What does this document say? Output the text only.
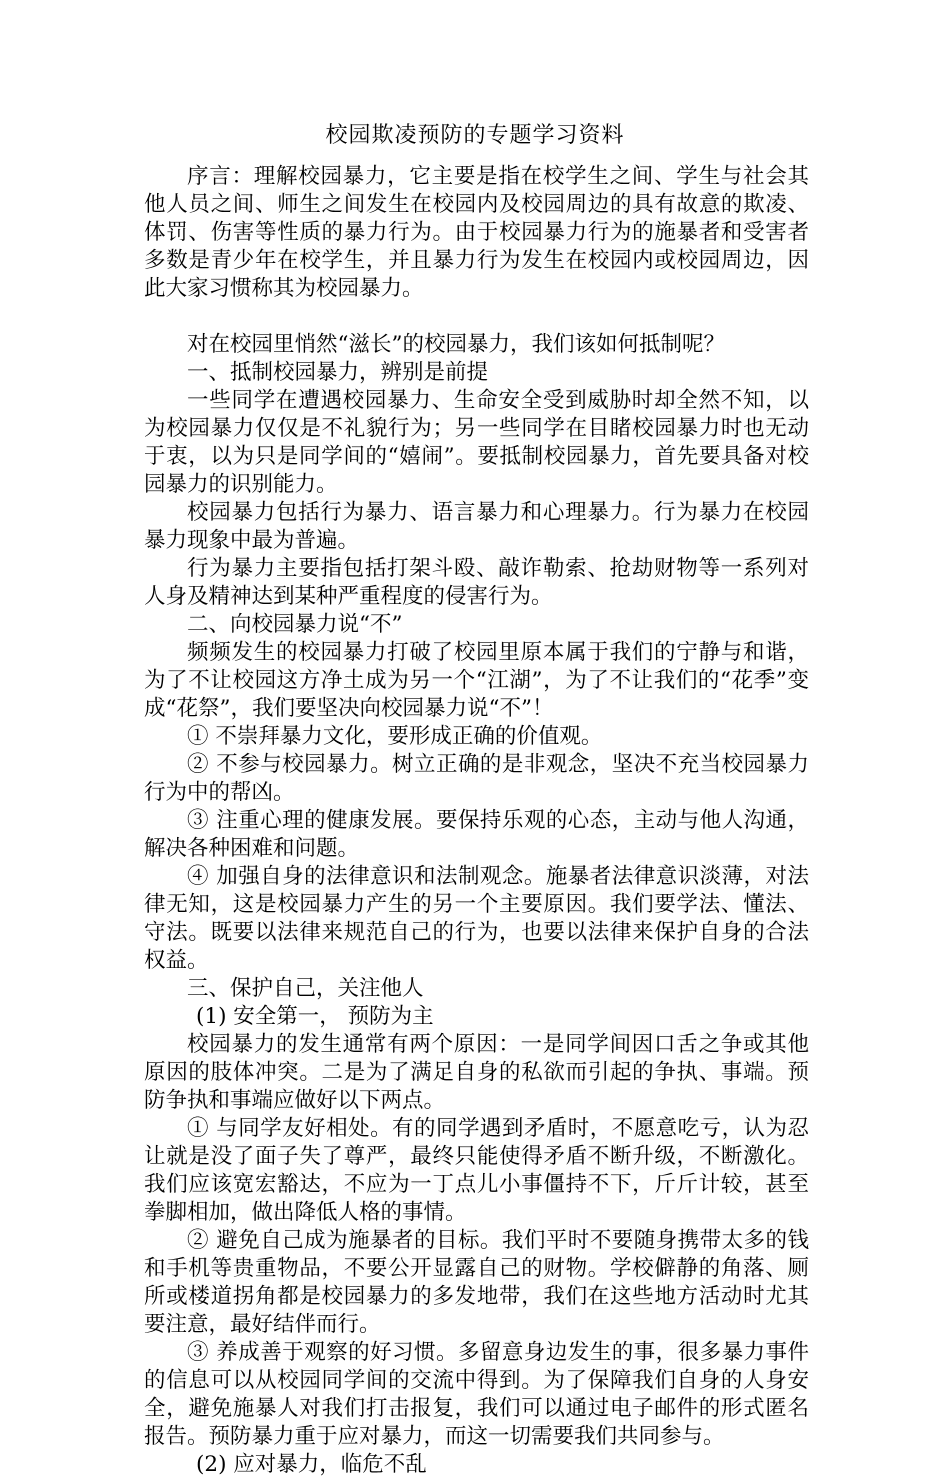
校园欺凌预防的专题学习资料

序言：理解校园暴力，它主要是指在校学生之间、学生与社会其他人员之间、师生之间发生在校园内及校园周边的具有故意的欺凌、体罚、伤害等性质的暴力行为。由于校园暴力行为的施暴者和受害者多数是青少年在校学生，并且暴力行为发生在校园内或校园周边，因此大家习惯称其为校园暴力。

对在校园里悄然“滋长”的校园暴力，我们该如何抵制呢？

一、抵制校园暴力，辨别是前提

一些同学在遭遇校园暴力、生命安全受到威胁时却全然不知，以为校园暴力仅仅是不礼貌行为；另一些同学在目睹校园暴力时也无动于衷，以为只是同学间的“嬉闹”。要抵制校园暴力，首先要具备对校园暴力的识别能力。

校园暴力包括行为暴力、语言暴力和心理暴力。行为暴力在校园暴力现象中最为普遍。

行为暴力主要指包括打架斗殴、敲诈勒索、抢劫财物等一系列对人身及精神达到某种严重程度的侵害行为。

二、向校园暴力说“不”

频频发生的校园暴力打破了校园里原本属于我们的宁静与和谐，为了不让校园这方净土成为另一个“江湖”，为了不让我们的“花季”变成“花祭”，我们要坚决向校园暴力说“不”！

① 不崇拜暴力文化，要形成正确的价值观。

② 不参与校园暴力。树立正确的是非观念，坚决不充当校园暴力行为中的帮凶。

③ 注重心理的健康发展。要保持乐观的心态，主动与他人沟通，解决各种困难和问题。

④ 加强自身的法律意识和法制观念。施暴者法律意识淡薄，对法律无知，这是校园暴力产生的另一个主要原因。我们要学法、懂法、守法。既要以法律来规范自己的行为，也要以法律来保护自身的合法权益。

三、保护自己，关注他人

(1) 安全第一， 预防为主

校园暴力的发生通常有两个原因：一是同学间因口舌之争或其他原因的肢体冲突。二是为了满足自身的私欲而引起的争执、事端。预防争执和事端应做好以下两点。

① 与同学友好相处。有的同学遇到矛盾时，不愿意吃亏，认为忍让就是没了面子失了尊严，最终只能使得矛盾不断升级，不断激化。我们应该宽宏豁达，不应为一丁点儿小事僵持不下，斤斤计较，甚至拳脚相加，做出降低人格的事情。

② 避免自己成为施暴者的目标。我们平时不要随身携带太多的钱和手机等贵重物品，不要公开显露自己的财物。学校僻静的角落、厕所或楼道拐角都是校园暴力的多发地带，我们在这些地方活动时尤其要注意，最好结伴而行。

③ 养成善于观察的好习惯。多留意身边发生的事，很多暴力事件的信息可以从校园同学间的交流中得到。为了保障我们自身的人身安全，避免施暴人对我们打击报复，我们可以通过电子邮件的形式匿名报告。预防暴力重于应对暴力，而这一切需要我们共同参与。

(2) 应对暴力，临危不乱
